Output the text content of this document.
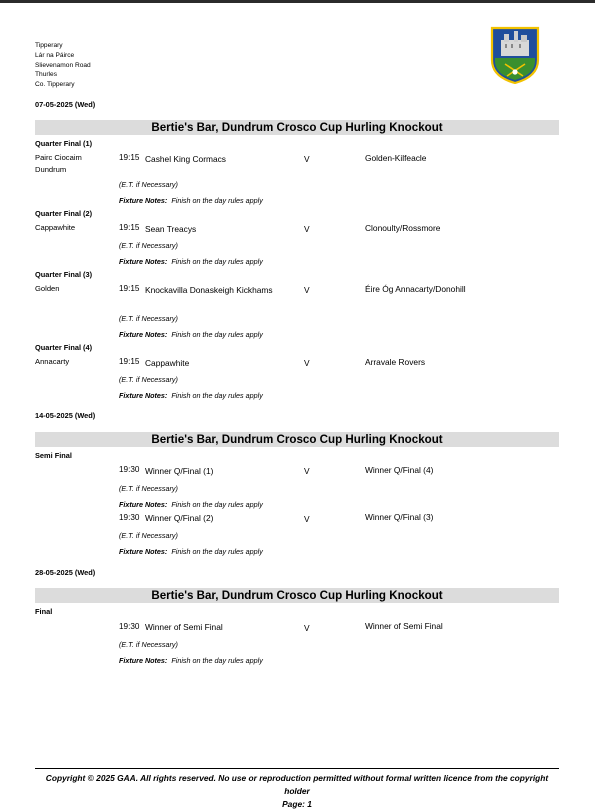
Tipperary
Lár na Páirce
Slievenamon Road
Thurles
Co. Tipperary
07-05-2025 (Wed)
Bertie's Bar, Dundrum Crosco Cup Hurling Knockout
Quarter Final (1)
Pairc Ciocaim Dundrum
19:15 Cashel King Cormacs	V	Golden-Kilfeacle
(E.T. if Necessary)
Fixture Notes: Finish on the day rules apply
Quarter Final (2)
Cappawhite	19:15 Sean Treacys	V	Clonoulty/Rossmore
(E.T. if Necessary)
Fixture Notes: Finish on the day rules apply
Quarter Final (3)
Golden	19:15 Knockavilla Donaskeigh Kickhams	V	Éire Óg Annacarty/Donohill
(E.T. if Necessary)
Fixture Notes: Finish on the day rules apply
Quarter Final (4)
Annacarty	19:15 Cappawhite	V	Arravale Rovers
(E.T. if Necessary)
Fixture Notes: Finish on the day rules apply
14-05-2025 (Wed)
Bertie's Bar, Dundrum Crosco Cup Hurling Knockout
Semi Final
19:30 Winner Q/Final (1)	V	Winner Q/Final (4)
(E.T. if Necessary)
Fixture Notes: Finish on the day rules apply
19:30 Winner Q/Final (2)	V	Winner Q/Final (3)
(E.T. if Necessary)
Fixture Notes: Finish on the day rules apply
28-05-2025 (Wed)
Bertie's Bar, Dundrum Crosco Cup Hurling Knockout
Final
19:30 Winner of Semi Final	V	Winner of Semi Final
(E.T. if Necessary)
Fixture Notes: Finish on the day rules apply
Copyright © 2025 GAA. All rights reserved. No use or reproduction permitted without formal written licence from the copyright holder
Page: 1
